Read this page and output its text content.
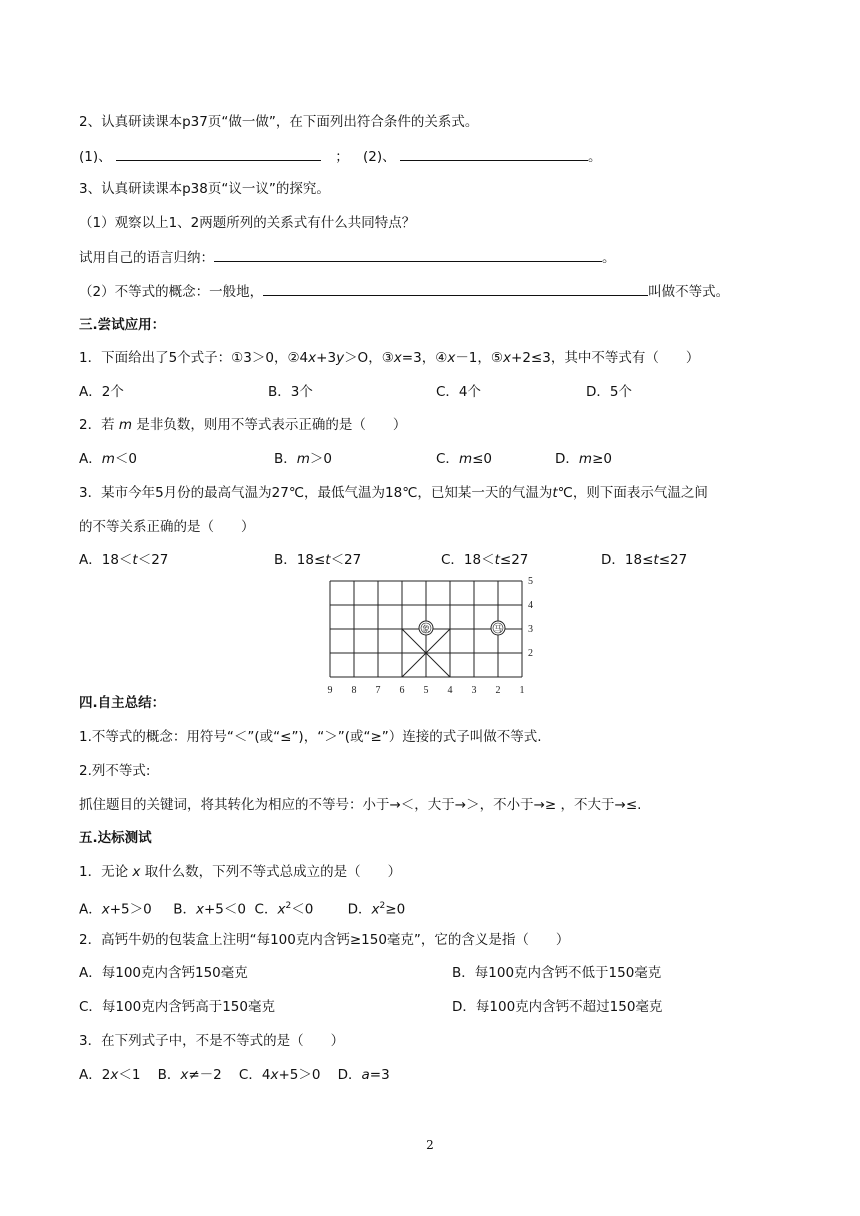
2、认真研读课本p37页“做一做”，在下面列出符合条件的关系式。
(1)、	； (2)、	。
3、认真研读课本p38页“议一议”的探究。
（1）观察以上1、2两题所列的关系式有什么共同特点？
试用自己的语言归纳：	。
（2）不等式的概念：一般地，	叫做不等式。
三.尝试应用：
1．下面给出了5个式子：①3＞0，②4x+3y＞O，③x=3，④x－1，⑤x+2≤3，其中不等式有（　　）
A．2个	B．3个	C．4个	D．5个
2．若 m 是非负数，则用不等式表示正确的是（　　）
A．m＜0	B．m＞0	C．m≤0	D．m≥0
3．某市今年5月份的最高气温为27℃，最低气温为18℃，已知某一天的气温为t℃，则下面表示气温之间
的不等关系正确的是（　　）
A．18＜t＜27	B．18≤t＜27	C．18＜t≤27	D．18≤t≤27
9 8 7 6 5 4 3 2 1
5
4
3
2
象	马
四.自主总结：
1.不等式的概念：用符号“＜”(或“≤”)，“＞”(或“≥”）连接的式子叫做不等式.
2.列不等式:
抓住题目的关键词，将其转化为相应的不等号：小于→＜，大于→＞，不小于→≥ ，不大于→≤.
五.达标测试
1．无论 x 取什么数，下列不等式总成立的是（　　）
A．x+5＞0     B．x+5＜0  C．$x^2<0$        D．$x^2\ge 0$
2．高钙牛奶的包装盒上注明“每100克内含钙≥150毫克”，它的含义是指（　　）
A．每100克内含钙150毫克	B．每100克内含钙不低于150毫克
C．每100克内含钙高于150毫克	D．每100克内含钙不超过150毫克
3．在下列式子中，不是不等式的是（　　）
A．2x＜1    B．x≠－2    C．4x+5＞0    D．a=3
2
